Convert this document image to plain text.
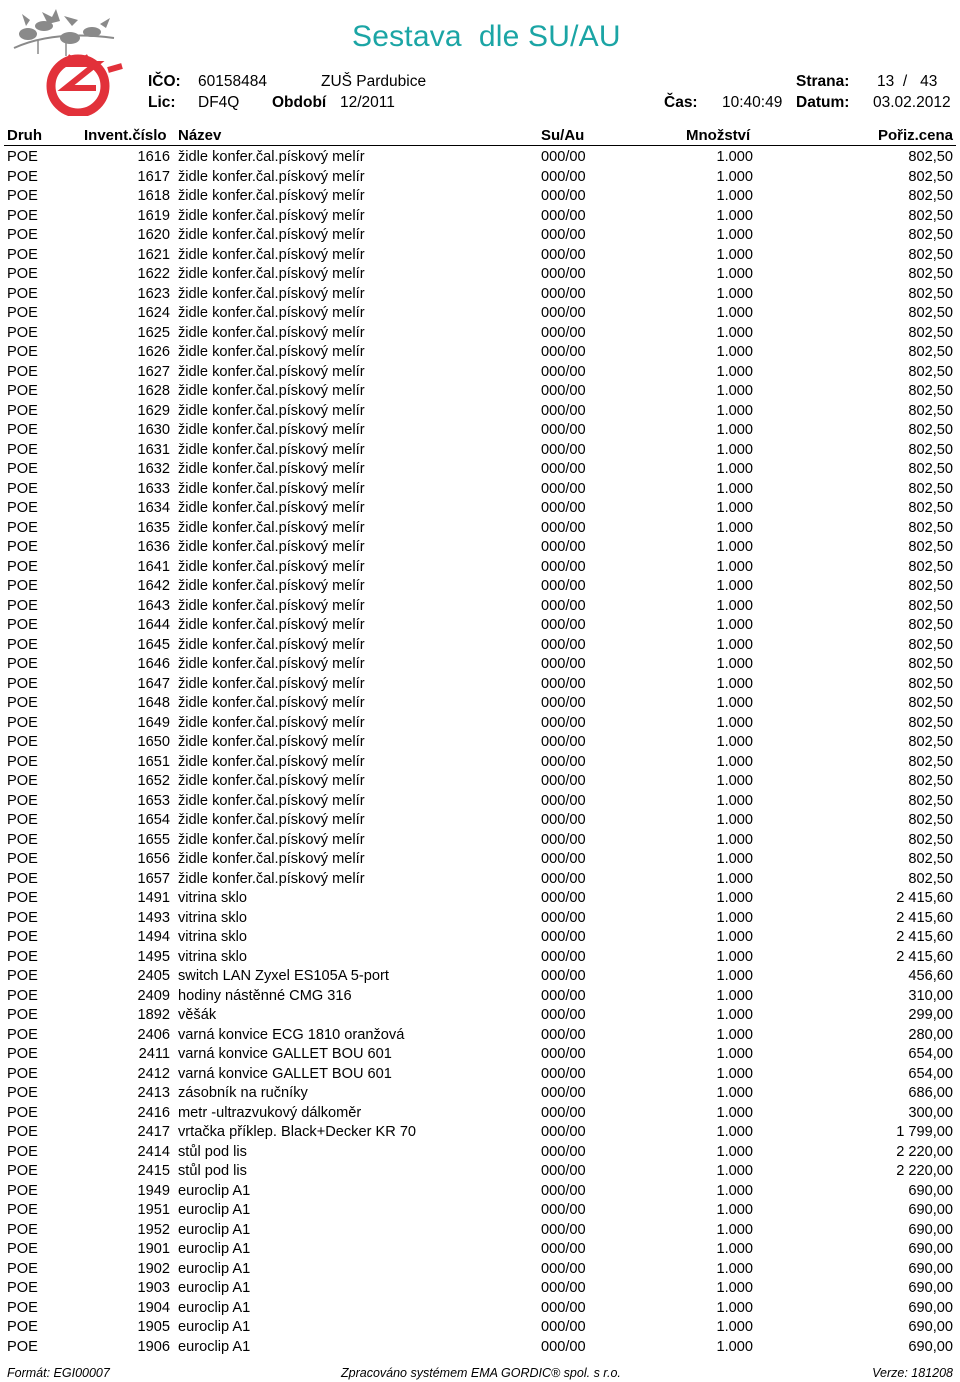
Sestava  dle SU/AU
IČO: 60158484	ZUŠ Pardubice	Strana: 13  /   43
Lic: DF4Q Období 12/2011	Čas: 10:40:49 Datum: 03.02.2012
Druh	Invent.číslo Název	Su/Au	Množství	Pořiz.cena
POE	1616 židle konfer.čal.pískový melír	000/00	1.000	802,50
POE	1617 židle konfer.čal.pískový melír	000/00	1.000	802,50
POE	1618 židle konfer.čal.pískový melír	000/00	1.000	802,50
POE	1619 židle konfer.čal.pískový melír	000/00	1.000	802,50
POE	1620 židle konfer.čal.pískový melír	000/00	1.000	802,50
POE	1621 židle konfer.čal.pískový melír	000/00	1.000	802,50
POE	1622 židle konfer.čal.pískový melír	000/00	1.000	802,50
POE	1623 židle konfer.čal.pískový melír	000/00	1.000	802,50
POE	1624 židle konfer.čal.pískový melír	000/00	1.000	802,50
POE	1625 židle konfer.čal.pískový melír	000/00	1.000	802,50
POE	1626 židle konfer.čal.pískový melír	000/00	1.000	802,50
POE	1627 židle konfer.čal.pískový melír	000/00	1.000	802,50
POE	1628 židle konfer.čal.pískový melír	000/00	1.000	802,50
POE	1629 židle konfer.čal.pískový melír	000/00	1.000	802,50
POE	1630 židle konfer.čal.pískový melír	000/00	1.000	802,50
POE	1631 židle konfer.čal.pískový melír	000/00	1.000	802,50
POE	1632 židle konfer.čal.pískový melír	000/00	1.000	802,50
POE	1633 židle konfer.čal.pískový melír	000/00	1.000	802,50
POE	1634 židle konfer.čal.pískový melír	000/00	1.000	802,50
POE	1635 židle konfer.čal.pískový melír	000/00	1.000	802,50
POE	1636 židle konfer.čal.pískový melír	000/00	1.000	802,50
POE	1641 židle konfer.čal.pískový melír	000/00	1.000	802,50
POE	1642 židle konfer.čal.pískový melír	000/00	1.000	802,50
POE	1643 židle konfer.čal.pískový melír	000/00	1.000	802,50
POE	1644 židle konfer.čal.pískový melír	000/00	1.000	802,50
POE	1645 židle konfer.čal.pískový melír	000/00	1.000	802,50
POE	1646 židle konfer.čal.pískový melír	000/00	1.000	802,50
POE	1647 židle konfer.čal.pískový melír	000/00	1.000	802,50
POE	1648 židle konfer.čal.pískový melír	000/00	1.000	802,50
POE	1649 židle konfer.čal.pískový melír	000/00	1.000	802,50
POE	1650 židle konfer.čal.pískový melír	000/00	1.000	802,50
POE	1651 židle konfer.čal.pískový melír	000/00	1.000	802,50
POE	1652 židle konfer.čal.pískový melír	000/00	1.000	802,50
POE	1653 židle konfer.čal.pískový melír	000/00	1.000	802,50
POE	1654 židle konfer.čal.pískový melír	000/00	1.000	802,50
POE	1655 židle konfer.čal.pískový melír	000/00	1.000	802,50
POE	1656 židle konfer.čal.pískový melír	000/00	1.000	802,50
POE	1657 židle konfer.čal.pískový melír	000/00	1.000	802,50
POE	1491 vitrina sklo	000/00	1.000	2 415,60
POE	1493 vitrina sklo	000/00	1.000	2 415,60
POE	1494 vitrina sklo	000/00	1.000	2 415,60
POE	1495 vitrina sklo	000/00	1.000	2 415,60
POE	2405 switch LAN Zyxel ES105A 5-port	000/00	1.000	456,60
POE	2409 hodiny nástěnné CMG 316	000/00	1.000	310,00
POE	1892 věšák	000/00	1.000	299,00
POE	2406 varná konvice ECG 1810 oranžová	000/00	1.000	280,00
POE	2411 varná konvice GALLET BOU 601	000/00	1.000	654,00
POE	2412 varná konvice GALLET BOU 601	000/00	1.000	654,00
POE	2413 zásobník na ručníky	000/00	1.000	686,00
POE	2416 metr -ultrazvukový dálkoměr	000/00	1.000	300,00
POE	2417 vrtačka příklep. Black+Decker KR 70	000/00	1.000	1 799,00
POE	2414 stůl pod lis	000/00	1.000	2 220,00
POE	2415 stůl pod lis	000/00	1.000	2 220,00
POE	1949 euroclip A1	000/00	1.000	690,00
POE	1951 euroclip A1	000/00	1.000	690,00
POE	1952 euroclip A1	000/00	1.000	690,00
POE	1901 euroclip A1	000/00	1.000	690,00
POE	1902 euroclip A1	000/00	1.000	690,00
POE	1903 euroclip A1	000/00	1.000	690,00
POE	1904 euroclip A1	000/00	1.000	690,00
POE	1905 euroclip A1	000/00	1.000	690,00
POE	1906 euroclip A1	000/00	1.000	690,00
Formát: EGI00007	Zpracováno systémem EMA GORDIC® spol. s r.o.	Verze: 181208
